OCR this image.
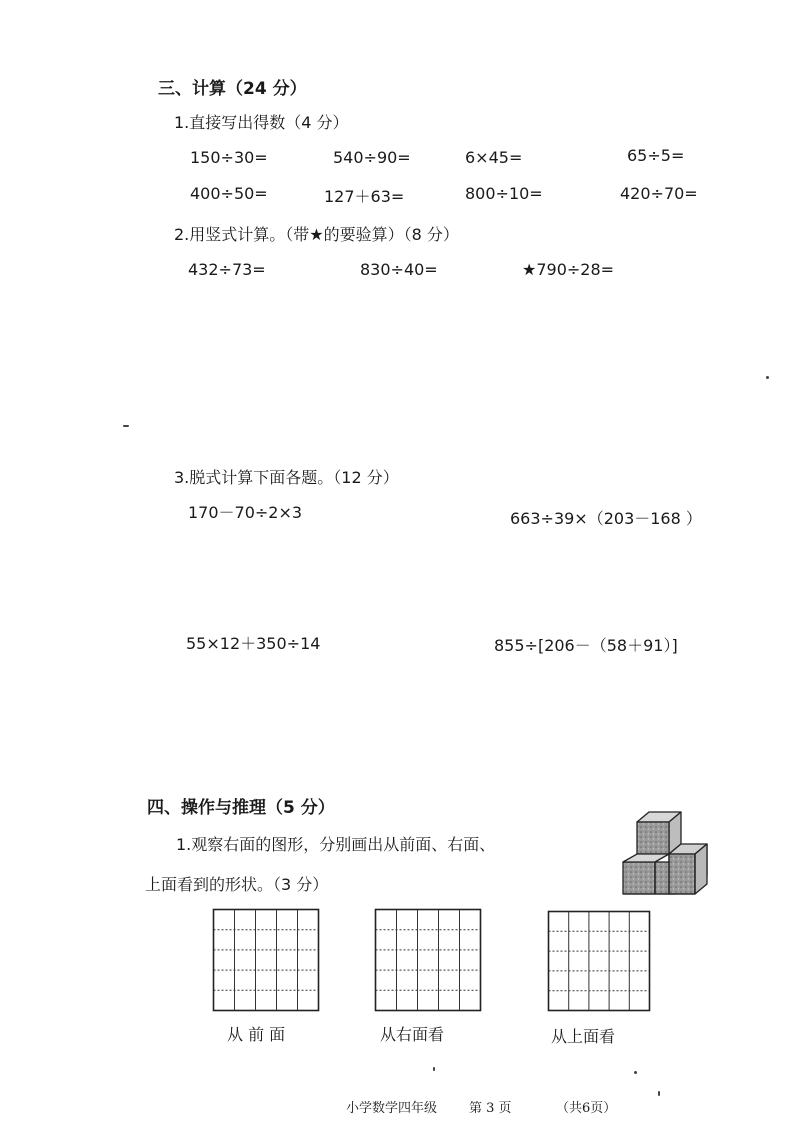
三、计算（24 分）
1.直接写出得数（4 分）
150÷30=	540÷90=	6×45=	65÷5=
400÷50=	127＋63=	800÷10=	420÷70=
2.用竖式计算。（带★的要验算）（8 分）
432÷73=	830÷40=	★790÷28=
3.脱式计算下面各题。（12 分）
170－70÷2×3	663÷39×（203－168 ）
55×12＋350÷14	855÷[206－（58＋91）]
四、操作与推理（5 分）
1.观察右面的图形，分别画出从前面、右面、
上面看到的形状。（3 分）
从 前 面	从右面看	从上面看
小学数学四年级 第 3 页	（共6页）
